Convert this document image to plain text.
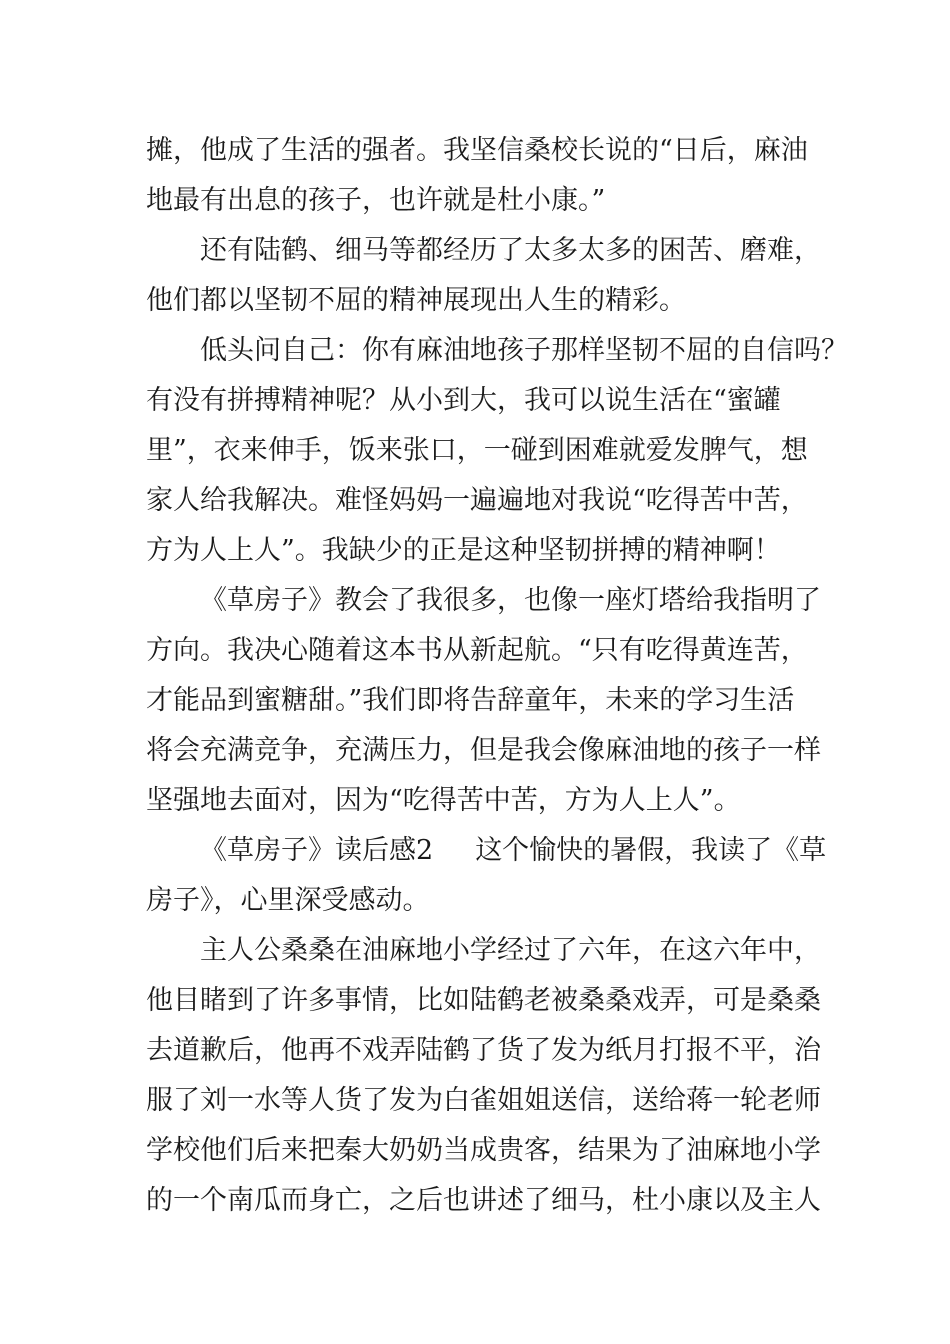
摊，他成了生活的强者。我坚信桑校长说的“日后，麻油
地最有出息的孩子，也许就是杜小康。”
还有陆鹤、细马等都经历了太多太多的困苦、磨难，
他们都以坚韧不屈的精神展现出人生的精彩。
低头问自己：你有麻油地孩子那样坚韧不屈的自信吗？
有没有拼搏精神呢？从小到大，我可以说生活在“蜜罐
里”，衣来伸手，饭来张口，一碰到困难就爱发脾气，想
家人给我解决。难怪妈妈一遍遍地对我说“吃得苦中苦，
方为人上人”。我缺少的正是这种坚韧拼搏的精神啊！
《草房子》教会了我很多，也像一座灯塔给我指明了
方向。我决心随着这本书从新起航。“只有吃得黄连苦，
才能品到蜜糖甜。”我们即将告辞童年，未来的学习生活
将会充满竞争，充满压力，但是我会像麻油地的孩子一样
坚强地去面对，因为“吃得苦中苦，方为人上人”。
《草房子》读后感2 这个愉快的暑假，我读了《草
房子》，心里深受感动。
主人公桑桑在油麻地小学经过了六年，在这六年中，
他目睹到了许多事情，比如陆鹤老被桑桑戏弄，可是桑桑
去道歉后，他再不戏弄陆鹤了货了发为纸月打报不平，治
服了刘一水等人货了发为白雀姐姐送信，送给蒋一轮老师
学校他们后来把秦大奶奶当成贵客，结果为了油麻地小学
的一个南瓜而身亡，之后也讲述了细马，杜小康以及主人
